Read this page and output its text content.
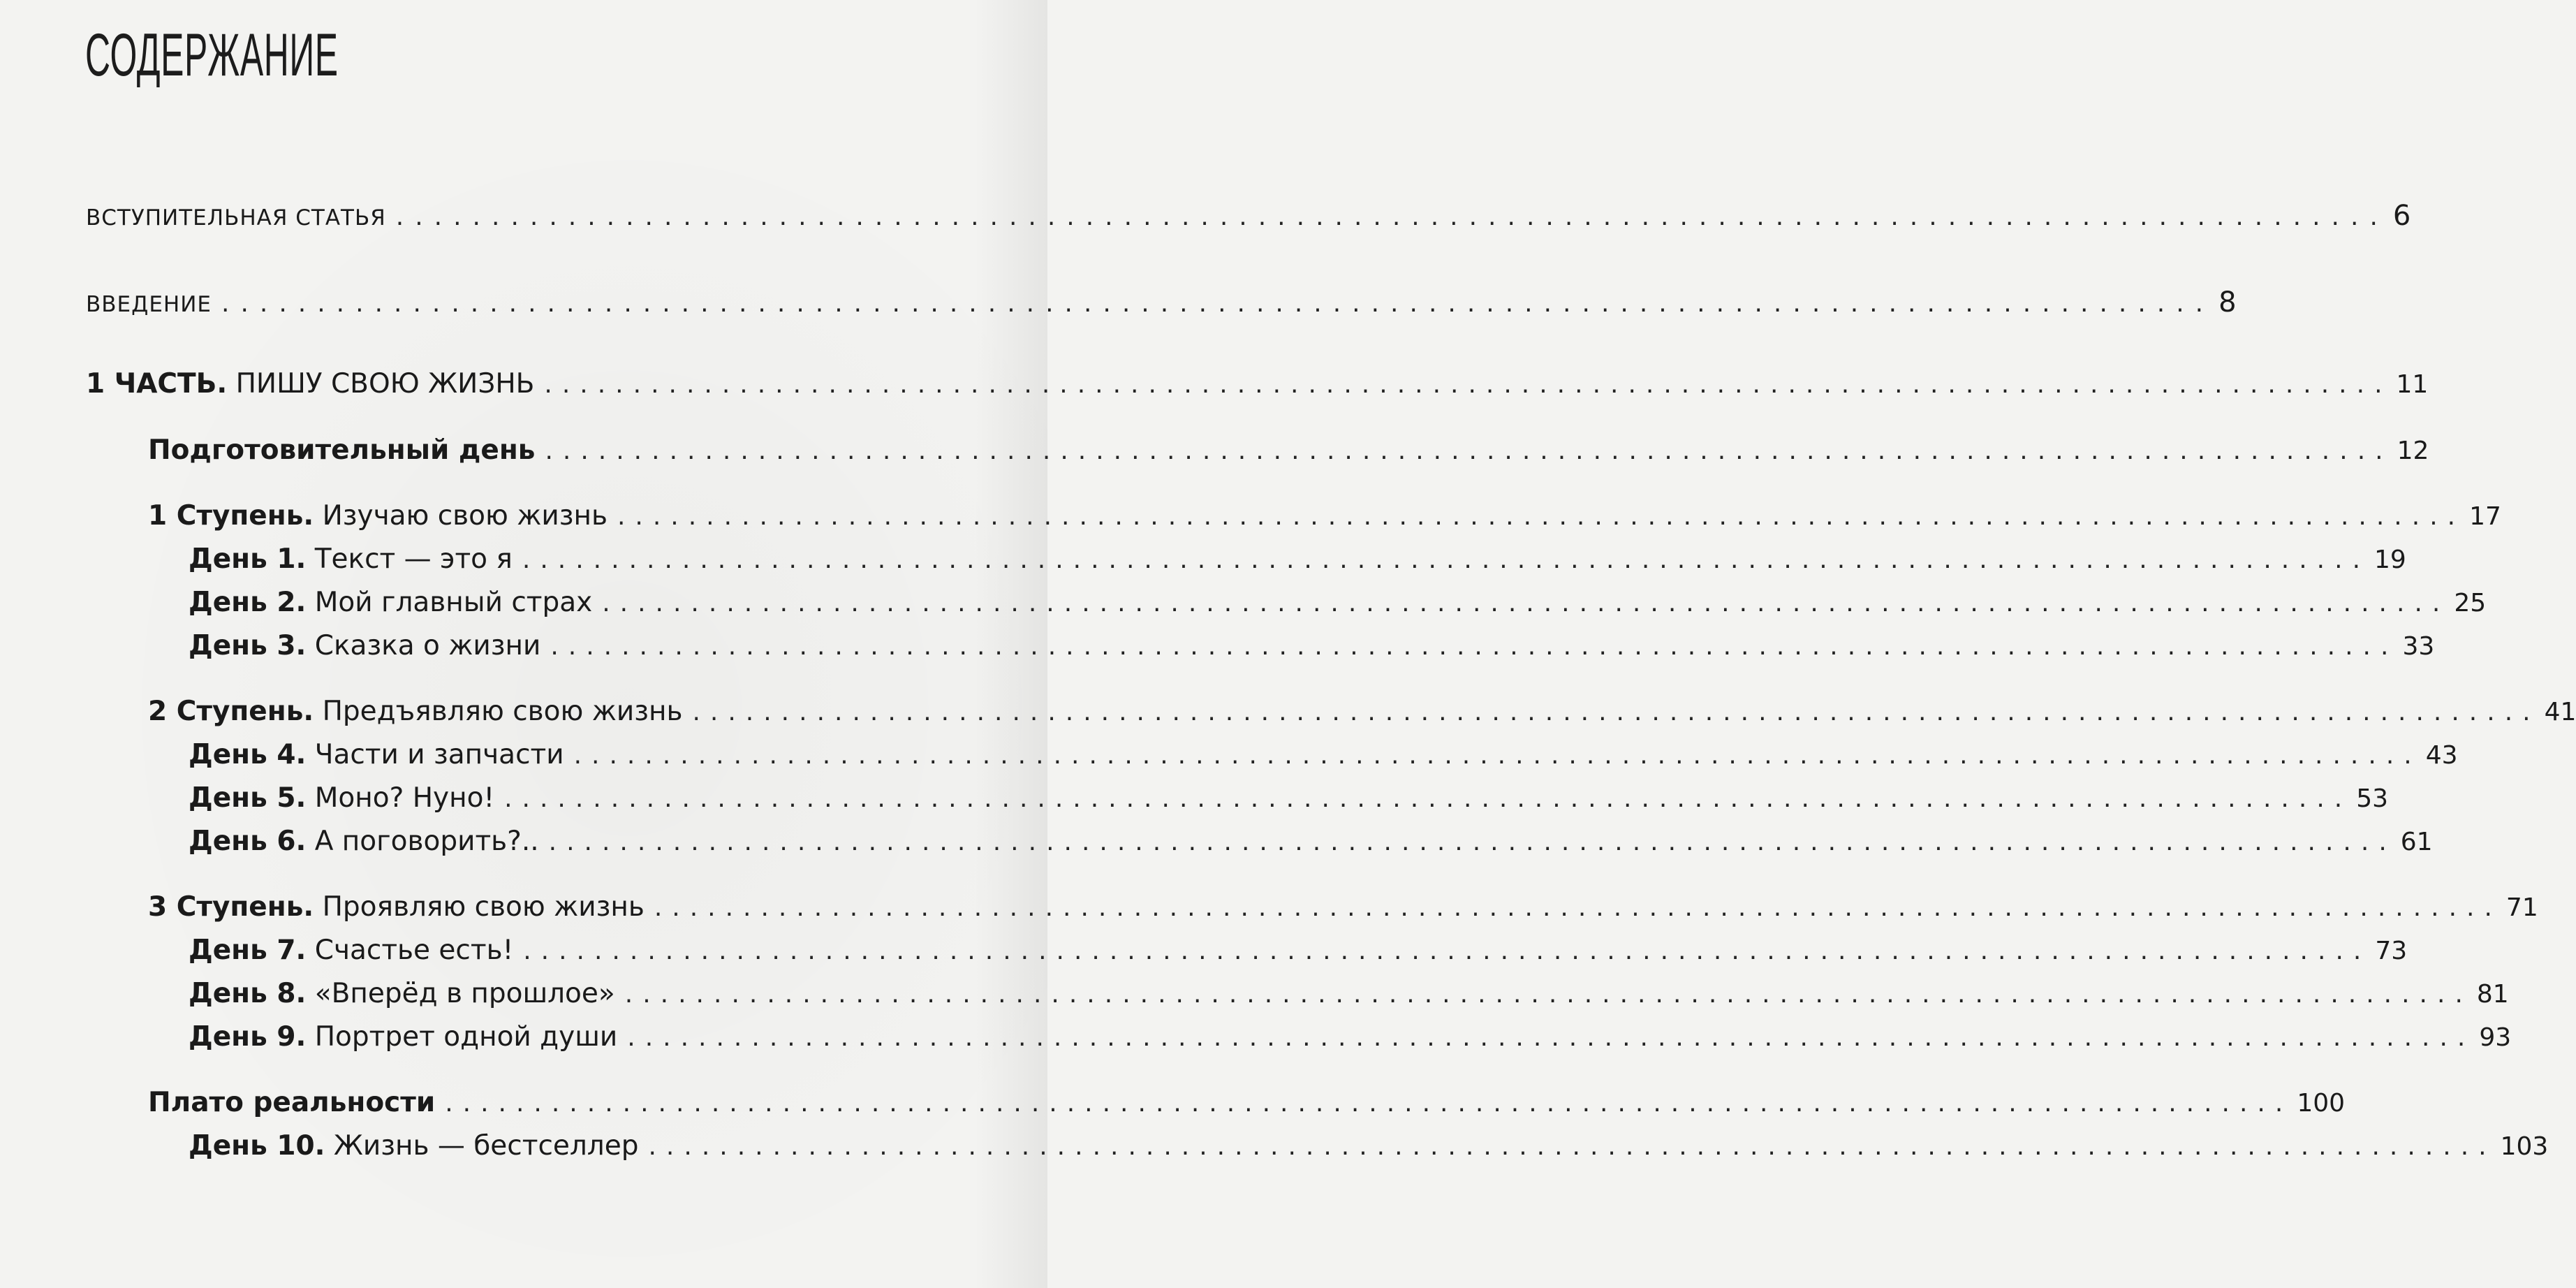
СОДЕРЖАНИЕ
ВСТУПИТЕЛЬНАЯ СТАТЬЯ ........................................................................................................ 6
ВВЕДЕНИЕ ........................................................................................................ 8
1 ЧАСТЬ. ПИШУ СВОЮ ЖИЗНЬ ........................................................................................................ 11
Подготовительный день ........................................................................................................ 12
1 Ступень. Изучаю свою жизнь ........................................................................................................ 17
День 1. Текст — это я ........................................................................................................ 19
День 2. Мой главный страх ........................................................................................................ 25
День 3. Сказка о жизни ........................................................................................................ 33
2 Ступень. Предъявляю свою жизнь ........................................................................................................ 41
День 4. Части и запчасти ........................................................................................................ 43
День 5. Моно? Нуно! ........................................................................................................ 53
День 6. А поговорить?.. ........................................................................................................ 61
3 Ступень. Проявляю свою жизнь ........................................................................................................ 71
День 7. Счастье есть! ........................................................................................................ 73
День 8. «Вперёд в прошлое» ........................................................................................................ 81
День 9. Портрет одной души ........................................................................................................ 93
Плато реальности ........................................................................................................ 100
День 10. Жизнь — бестселлер ........................................................................................................ 103
